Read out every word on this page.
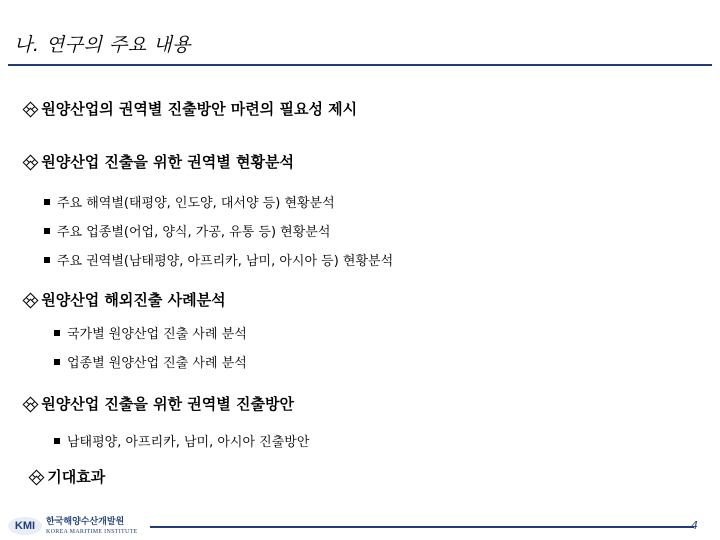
나. 연구의 주요 내용
원양산업의 권역별 진출방안 마련의 필요성 제시
원양산업 진출을 위한 권역별 현황분석
주요 해역별(태평양, 인도양, 대서양 등) 현황분석
주요 업종별(어업, 양식, 가공, 유통 등) 현황분석
주요 권역별(남태평양, 아프리카, 남미, 아시아 등) 현황분석
원양산업 해외진출 사례분석
국가별 원양산업 진출 사례 분석
업종별 원양산업 진출 사례 분석
원양산업 진출을 위한 권역별 진출방안
남태평양, 아프리카, 남미, 아시아 진출방안
기대효과
KMI	한국해양수산개발원
KOREA MARITIME INSTITUTE	4
